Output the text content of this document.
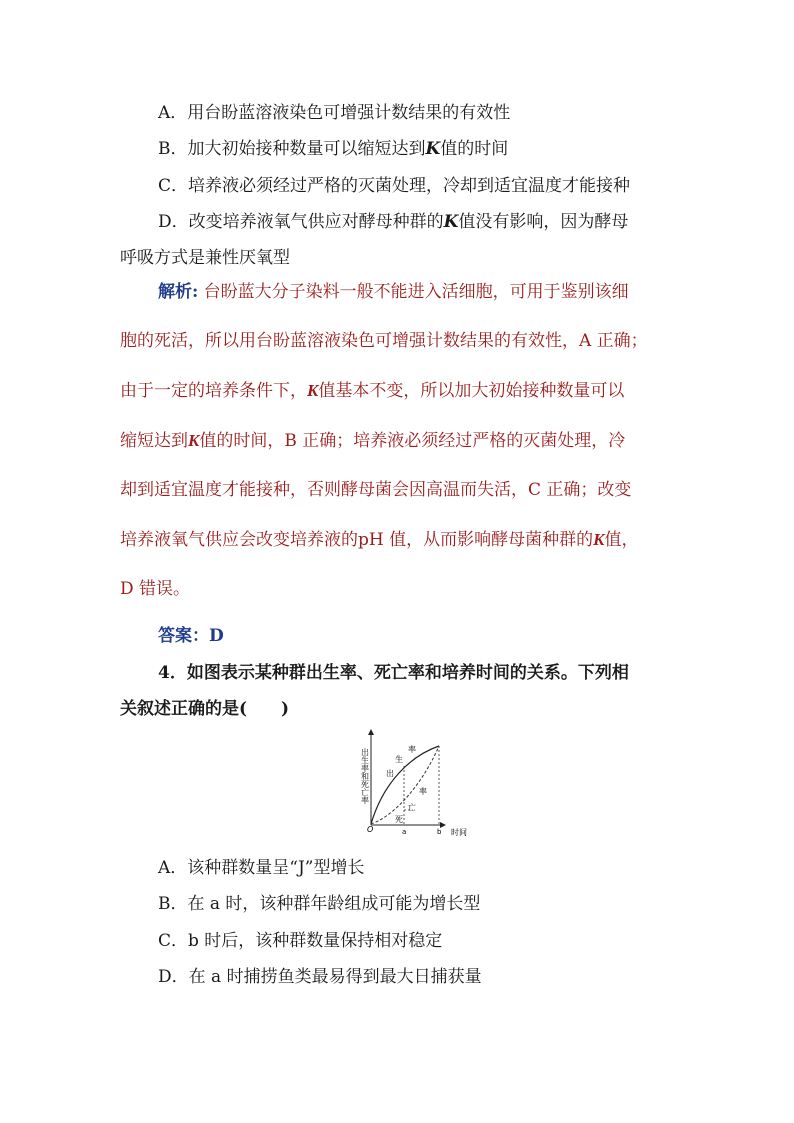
A．用台盼蓝溶液染色可增强计数结果的有效性
B．加大初始接种数量可以缩短达到K值的时间
C．培养液必须经过严格的灭菌处理，冷却到适宜温度才能接种
D．改变培养液氧气供应对酵母种群的K值没有影响，因为酵母
呼吸方式是兼性厌氧型

解析: 台盼蓝大分子染料一般不能进入活细胞，可用于鉴别该细

胞的死活，所以用台盼蓝溶液染色可增强计数结果的有效性，A 正确；

由于一定的培养条件下，K值基本不变，所以加大初始接种数量可以

缩短达到K值的时间，B 正确；培养液必须经过严格的灭菌处理，冷

却到适宜温度才能接种，否则酵母菌会因高温而失活，C 正确；改变

培养液氧气供应会改变培养液的pH 值，从而影响酵母菌种群的K值，

D 错误。

答案：D
4．如图表示某种群出生率、死亡率和培养时间的关系。下列相
关叙述正确的是(　　)
O	a	b 时间
出生率和死亡率 出
生
率
死
亡
率
A．该种群数量呈“J”型增长
B．在 a 时，该种群年龄组成可能为增长型
C．b 时后，该种群数量保持相对稳定
D．在 a 时捕捞鱼类最易得到最大日捕获量
